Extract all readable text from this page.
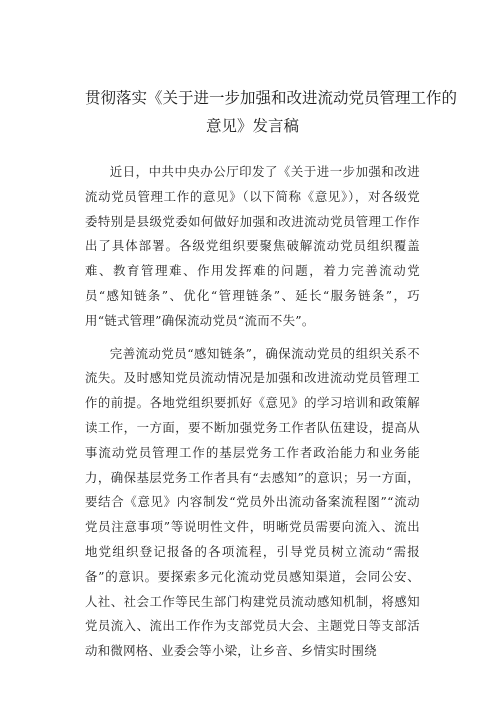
贯彻落实《关于进一步加强和改进流动党员管理工作的
意见》发言稿

近日，中共中央办公厅印发了《关于进一步加强和改进流动党员管理工作的意见》（以下简称《意见》），对各级党委特别是县级党委如何做好加强和改进流动党员管理工作作出了具体部署。各级党组织要聚焦破解流动党员组织覆盖难、教育管理难、作用发挥难的问题，着力完善流动党员“感知链条”、优化“管理链条”、延长“服务链条”，巧用“链式管理”确保流动党员“流而不失”。

完善流动党员“感知链条”，确保流动党员的组织关系不流失。及时感知党员流动情况是加强和改进流动党员管理工作的前提。各地党组织要抓好《意见》的学习培训和政策解读工作，一方面，要不断加强党务工作者队伍建设，提高从事流动党员管理工作的基层党务工作者政治能力和业务能力，确保基层党务工作者具有“去感知”的意识；另一方面，要结合《意见》内容制发“党员外出流动备案流程图”“流动党员注意事项”等说明性文件，明晰党员需要向流入、流出地党组织登记报备的各项流程，引导党员树立流动“需报备”的意识。要探索多元化流动党员感知渠道，会同公安、人社、社会工作等民生部门构建党员流动感知机制，将感知党员流入、流出工作作为支部党员大会、主题党日等支部活动和微网格、业委会等小梁，让乡音、乡情实时围绕
